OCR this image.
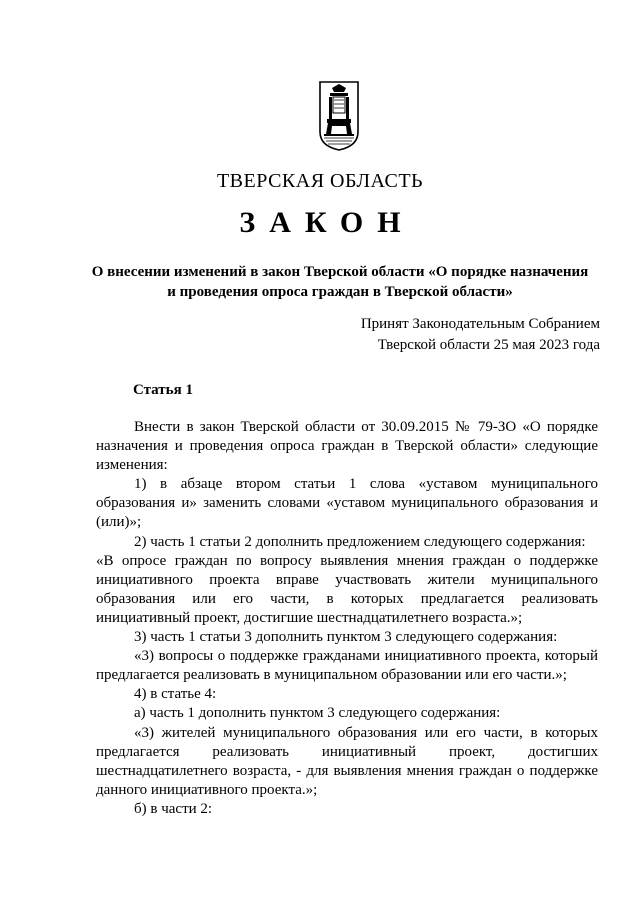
ТВЕРСКАЯ ОБЛАСТЬ

ЗАКОН

О внесении изменений в закон Тверской области «О порядке назначения
и проведения опроса граждан в Тверской области»
Принят Законодательным Собранием
Тверской области 25 мая 2023 года

Статья 1

Внести в закон Тверской области от 30.09.2015 № 79-ЗО «О порядке назначения и проведения опроса граждан в Тверской области» следующие изменения:

1) в абзаце втором статьи 1 слова «уставом муниципального образования и» заменить словами «уставом муниципального образования и (или)»;

2) часть 1 статьи 2 дополнить предложением следующего содержания:

«В опросе граждан по вопросу выявления мнения граждан о поддержке инициативного проекта вправе участвовать жители муниципального образования или его части, в которых предлагается реализовать инициативный проект, достигшие шестнадцатилетнего возраста.»;

3) часть 1 статьи 3 дополнить пунктом 3 следующего содержания:

«3) вопросы о поддержке гражданами инициативного проекта, который предлагается реализовать в муниципальном образовании или его части.»;

4) в статье 4:

а) часть 1 дополнить пунктом 3 следующего содержания:

«3) жителей муниципального образования или его части, в которых предлагается реализовать инициативный проект, достигших шестнадцатилетнего возраста, - для выявления мнения граждан о поддержке данного инициативного проекта.»;

б) в части 2:
